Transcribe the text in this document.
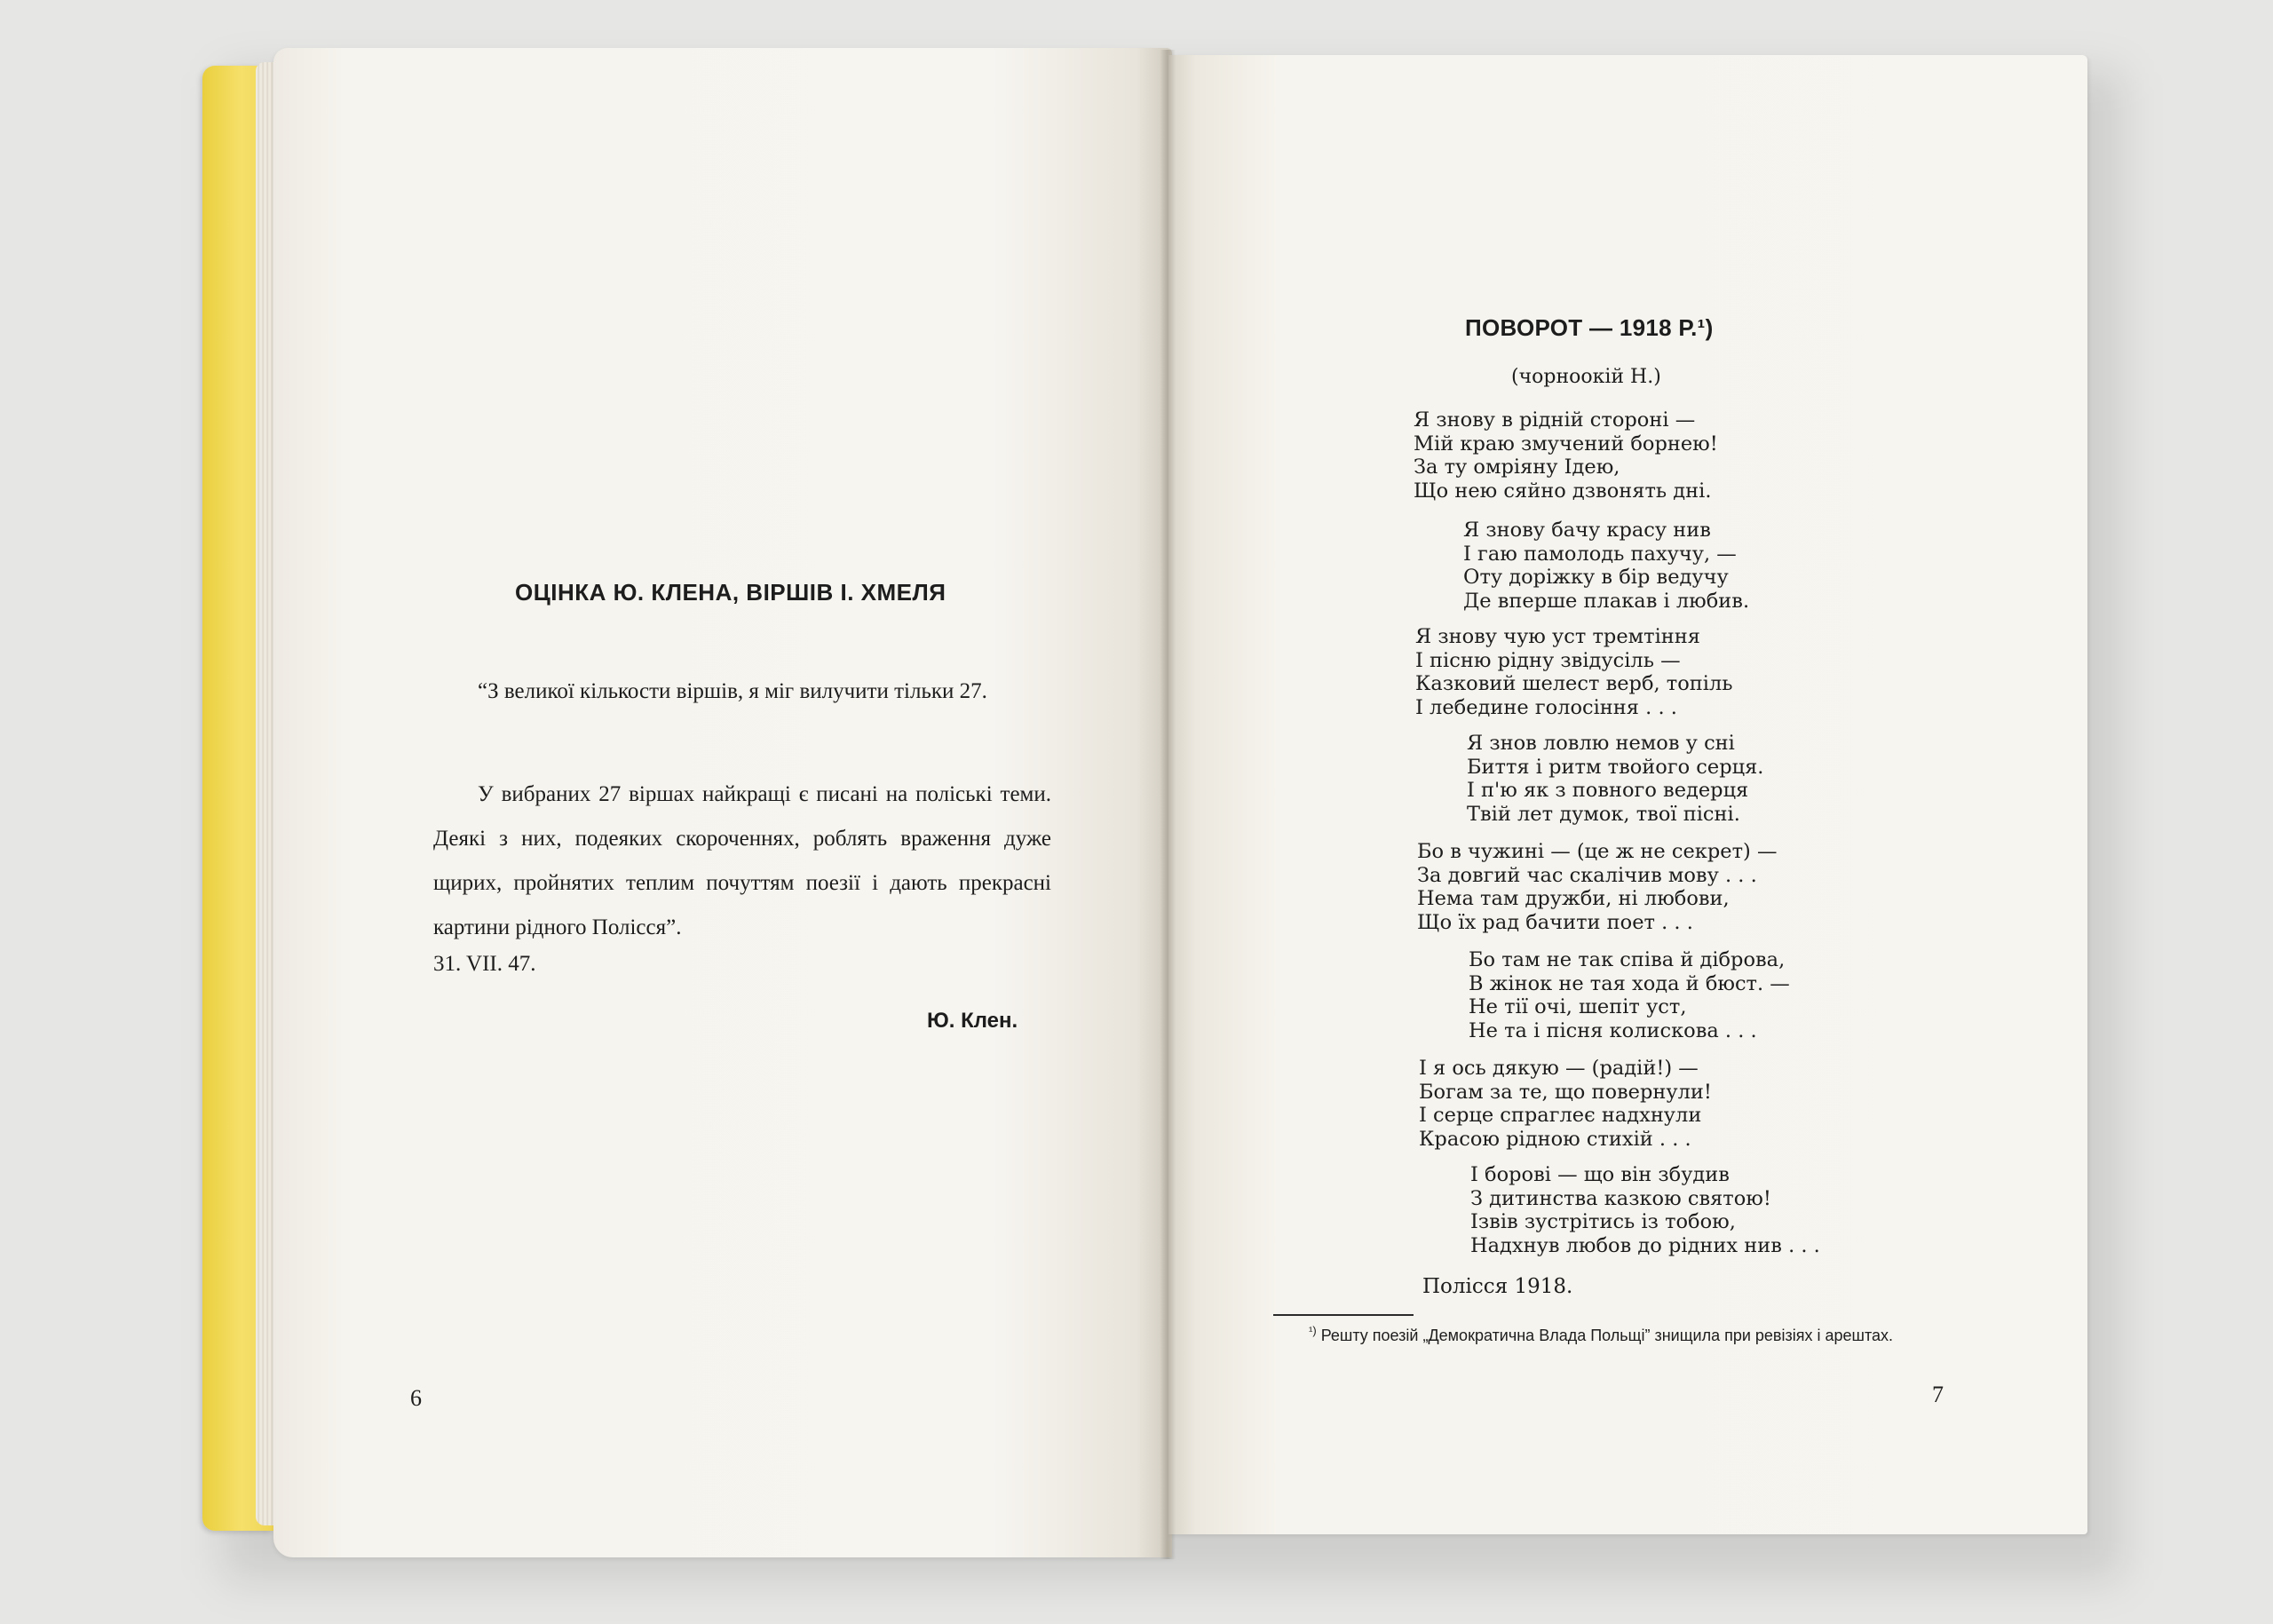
ОЦІНКА Ю. КЛЕНА, ВІРШІВ І. ХМЕЛЯ

“З великої кількости віршів, я міг вилучити тільки 27.

У вибраних 27 віршах найкращі є писані на поліські теми. Деякі з них, подеяких скороченнях, роблять враження дуже щирих, пройнятих теплим почуттям поезії і дають прекрасні картини рідного Полісся”.

31. VII. 47.

Ю. Клен.

6

ПОВОРОТ — 1918 Р.¹)

(чорноокій Н.)

Я знову в рідній стороні —
Мій краю змучений борнею!
За ту омріяну Ідею,
Що нею сяйно дзвонять дні.

Я знову бачу красу нив
І гаю памолодь пахучу, —
Оту доріжку в бір ведучу
Де вперше плакав і любив.

Я знову чую уст тремтіння
І пісню рідну звідусіль —
Казковий шелест верб, топіль
І лебедине голосіння . . .

Я знов ловлю немов у сні
Биття і ритм твойого серця.
І п'ю як з повного ведерця
Твій лет думок, твої пісні.

Бо в чужині — (це ж не секрет) —
За довгий час скалічив мову . . .
Нема там дружби, ні любови,
Що їх рад бачити поет . . .

Бо там не так співа й діброва,
В жінок не тая хода й бюст. —
Не тії очі, шепіт уст,
Не та і пісня колискова . . .

І я ось дякую — (радій!) —
Богам за те, що повернули!
І серце спраглеє надхнули
Красою рідною стихій . . .

І борові — що він збудив
З дитинства казкою святою!
Ізвів зустрітись із тобою,
Надхнув любов до рідних нив . . .

Полісся 1918.

$^{^1)}$ Решту поезій „Демократична Влада Польщі” знищила при ревізіях і арештах.

7
